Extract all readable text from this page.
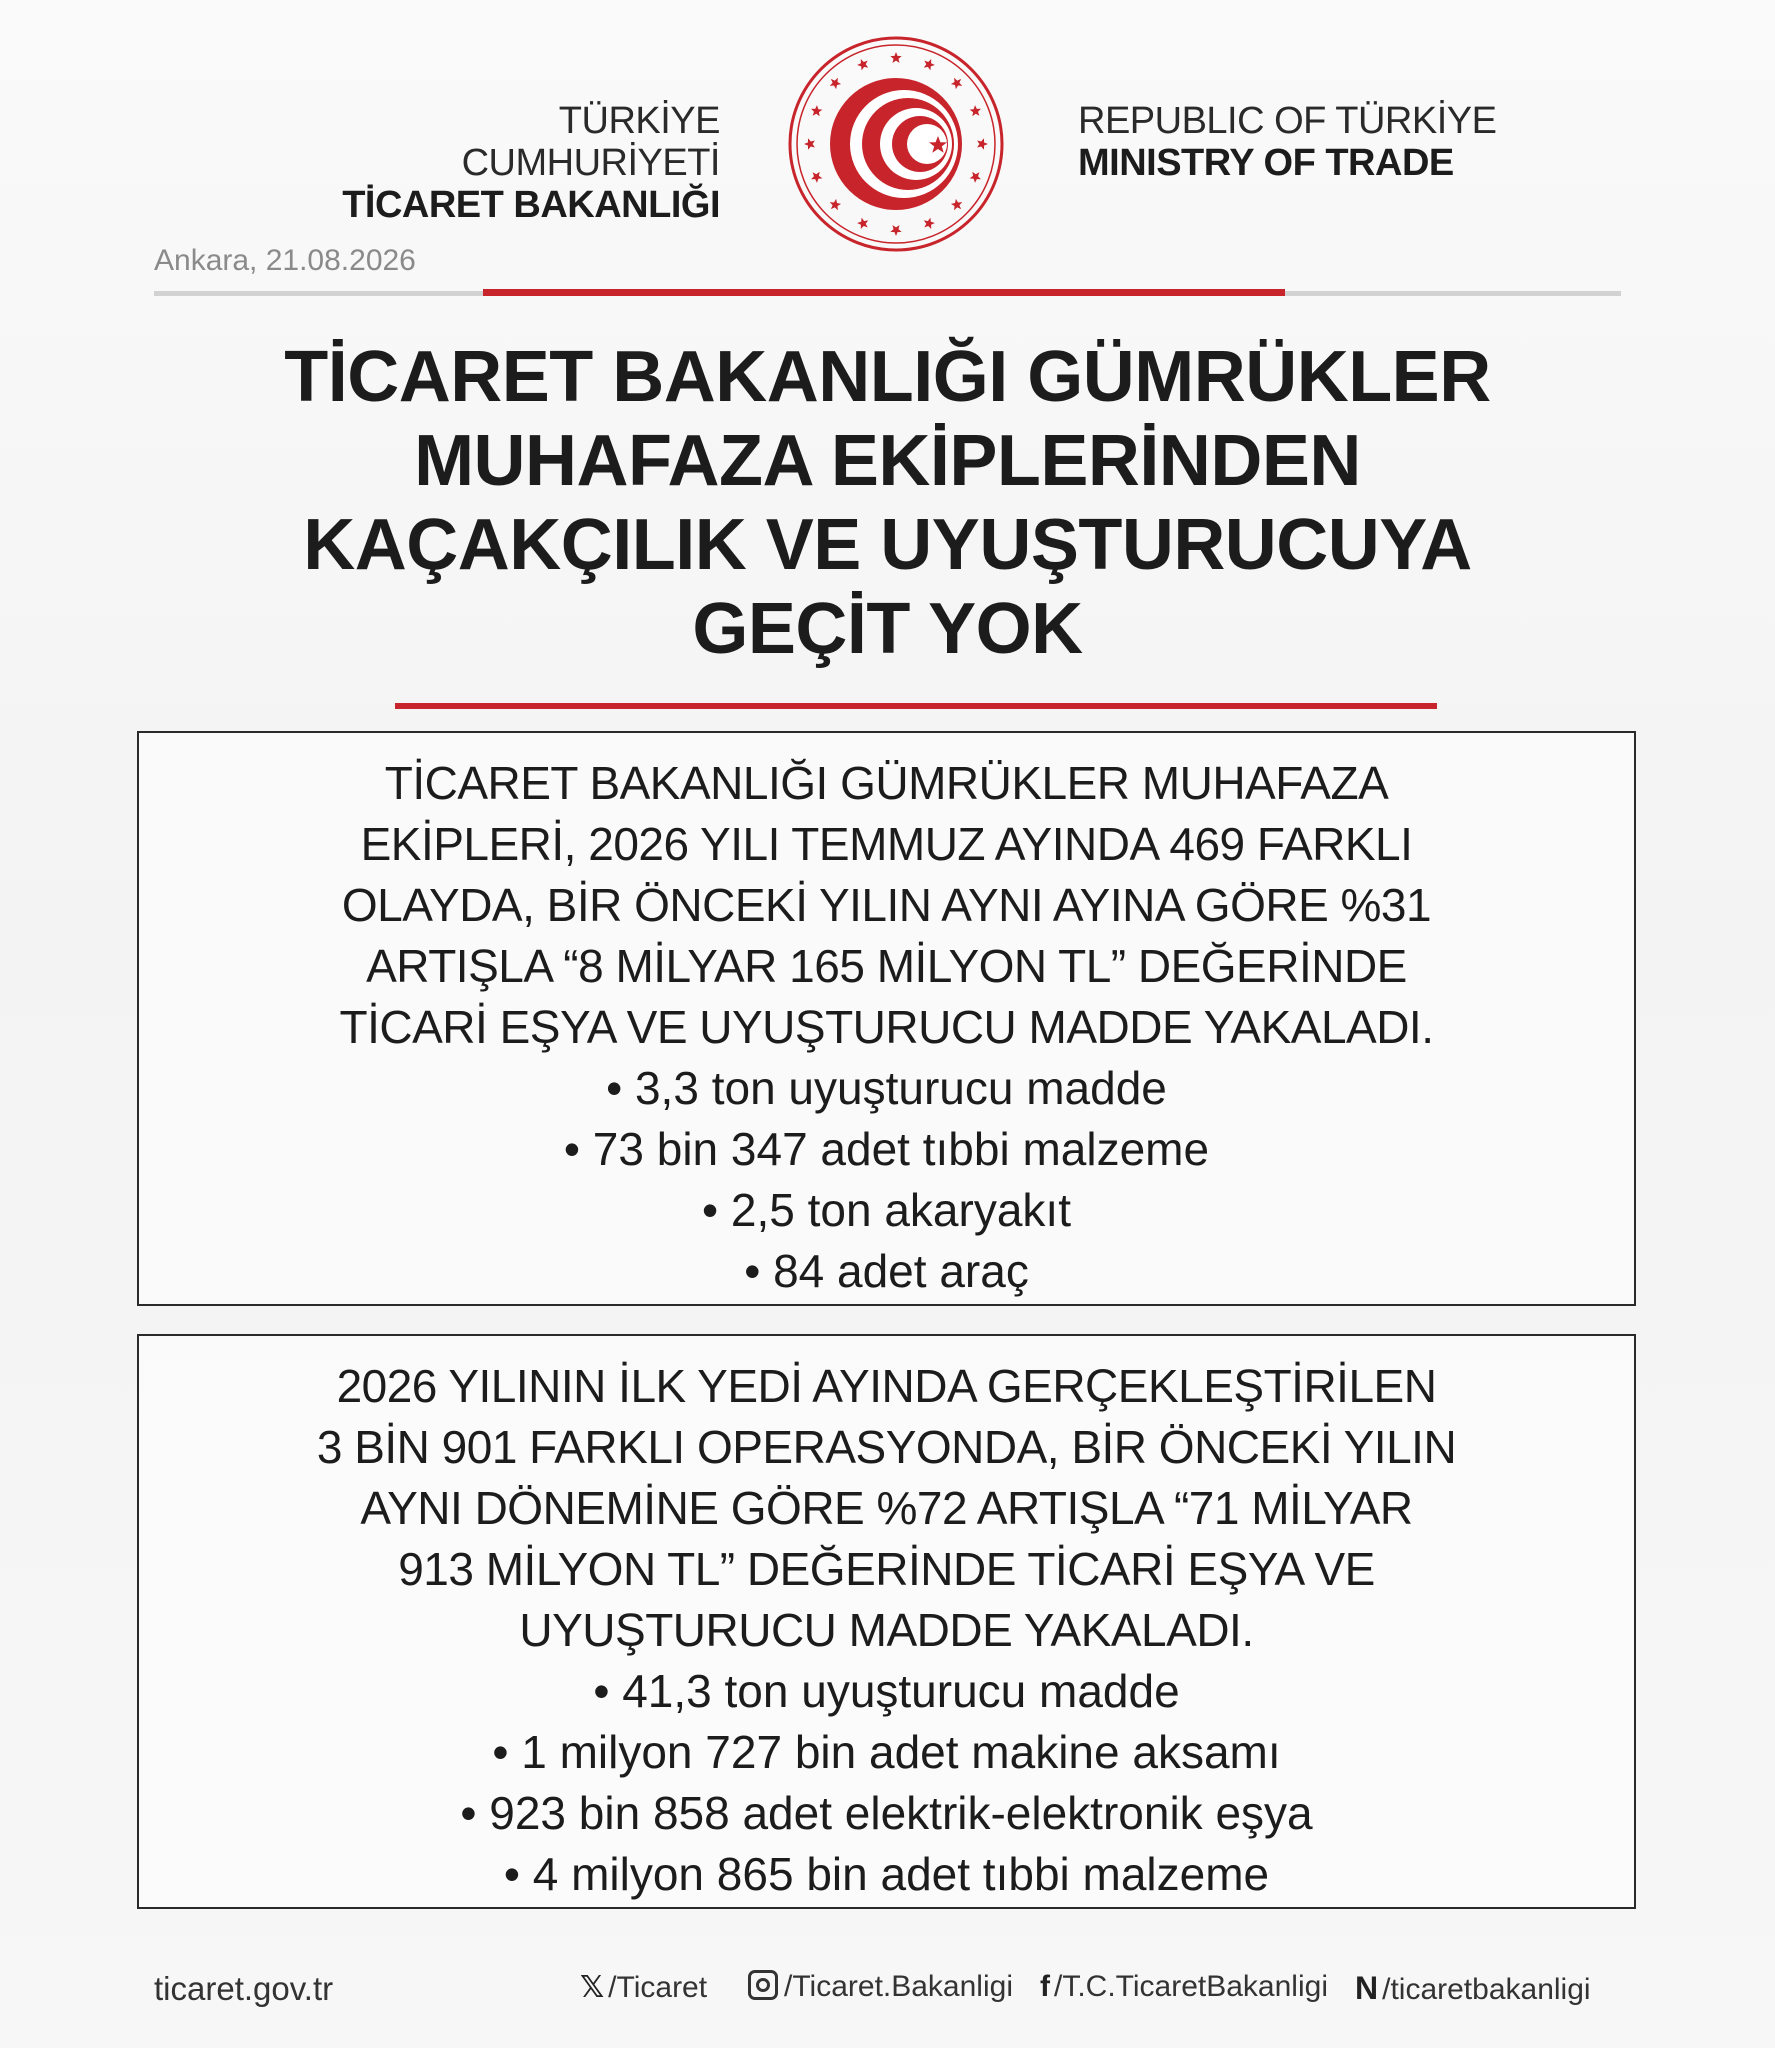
TÜRKİYE CUMHURİYETİ
TİCARET BAKANLIĞI
REPUBLIC OF TÜRKİYE
MINISTRY OF TRADE
Ankara, 21.08.2026
TİCARET BAKANLIĞI GÜMRÜKLER
MUHAFAZA EKİPLERİNDEN
KAÇAKÇILIK VE UYUŞTURUCUYA
GEÇİT YOK
TİCARET BAKANLIĞI GÜMRÜKLER MUHAFAZA
EKİPLERİ, 2026 YILI TEMMUZ AYINDA 469 FARKLI
OLAYDA, BİR ÖNCEKİ YILIN AYNI AYINA GÖRE %31
ARTIŞLA “8 MİLYAR 165 MİLYON TL” DEĞERİNDE
TİCARİ EŞYA VE UYUŞTURUCU MADDE YAKALADI.
• 3,3 ton uyuşturucu madde
• 73 bin 347 adet tıbbi malzeme
• 2,5 ton akaryakıt
• 84 adet araç
2026 YILININ İLK YEDİ AYINDA GERÇEKLEŞTİRİLEN
3 BİN 901 FARKLI OPERASYONDA, BİR ÖNCEKİ YILIN
AYNI DÖNEMİNE GÖRE %72 ARTIŞLA “71 MİLYAR
913 MİLYON TL” DEĞERİNDE TİCARİ EŞYA VE
UYUŞTURUCU MADDE YAKALADI.
• 41,3 ton uyuşturucu madde
• 1 milyon 727 bin adet makine aksamı
• 923 bin 858 adet elektrik-elektronik eşya
• 4 milyon 865 bin adet tıbbi malzeme
ticaret.gov.tr	𝕏 /Ticaret	/Ticaret.Bakanligi f /T.C.TicaretBakanligi N /ticaretbakanligi
